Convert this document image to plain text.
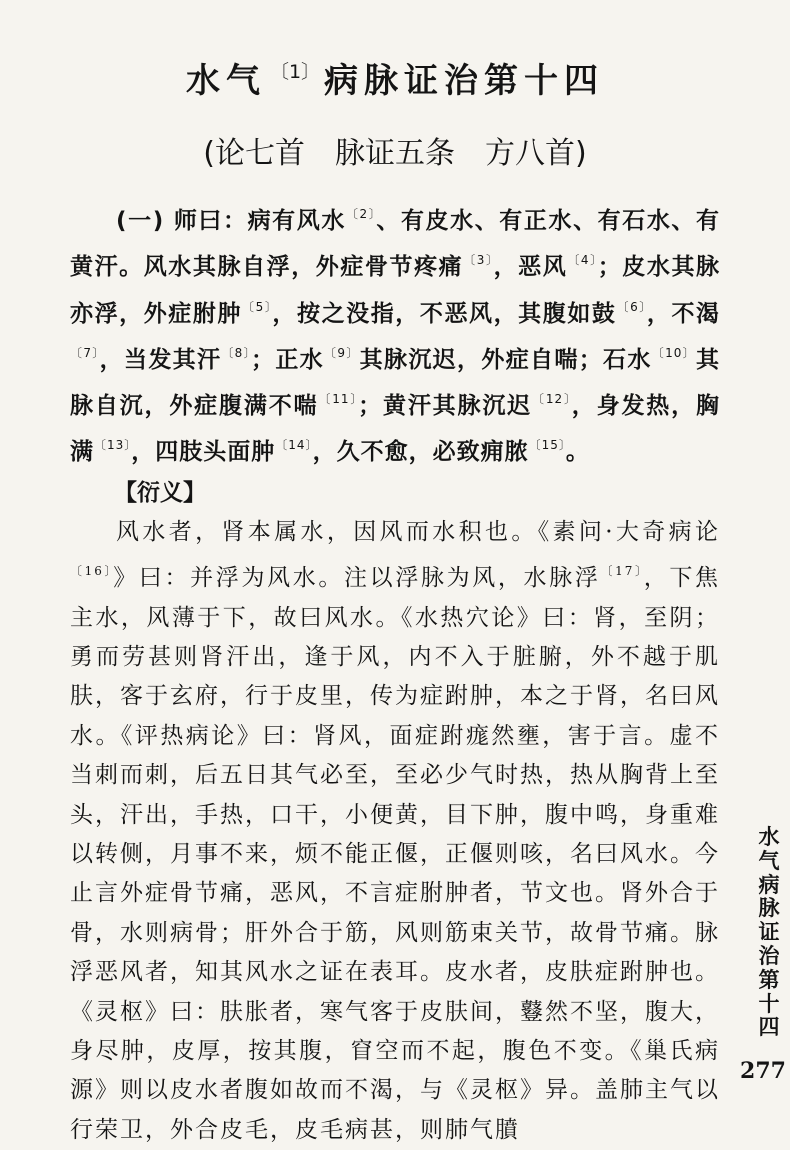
水气 $^{〔1〕}$ 病脉证治第十四
(论七首　脉证五条　方八首)

(一) 师曰：病有风水$^{〔2〕}$、有皮水、有正水、有石水、有黄汗。风水其脉自浮，外症骨节疼痛$^{〔3〕}$，恶风$^{〔4〕}$；皮水其脉亦浮，外症胕肿$^{〔5〕}$，按之没指，不恶风，其腹如鼓$^{〔6〕}$，不渴$^{〔7〕}$，当发其汗$^{〔8〕}$；正水$^{〔9〕}$其脉沉迟，外症自喘；石水$^{〔10〕}$其脉自沉，外症腹满不喘$^{〔11〕}$；黄汗其脉沉迟$^{〔12〕}$，身发热，胸满$^{〔13〕}$，四肢头面肿$^{〔14〕}$，久不愈，必致痈脓$^{〔15〕}$。

【衍义】

风水者，肾本属水，因风而水积也。《素问·大奇病论$^{〔16〕}$》曰：并浮为风水。注以浮脉为风，水脉浮$^{〔17〕}$，下焦主水，风薄于下，故曰风水。《水热穴论》曰：肾，至阴；勇而劳甚则肾汗出，逢于风，内不入于脏腑，外不越于肌肤，客于玄府，行于皮里，传为症跗肿，本之于肾，名曰风水。《评热病论》曰：肾风，面症跗痝然壅，害于言。虚不当刺而刺，后五日其气必至，至必少气时热，热从胸背上至头，汗出，手热，口干，小便黄，目下肿，腹中鸣，身重难以转侧，月事不来，烦不能正偃，正偃则咳，名曰风水。今止言外症骨节痛，恶风，不言症胕肿者，节文也。肾外合于骨，水则病骨；肝外合于筋，风则筋束关节，故骨节痛。脉浮恶风者，知其风水之证在表耳。皮水者，皮肤症跗肿也。《灵枢》曰：肤胀者，寒气客于皮肤间，鼟然不坚，腹大，身尽肿，皮厚，按其腹，窅空而不起，腹色不变。《巢氏病源》则以皮水者腹如故而不渴，与《灵枢》异。盖肺主气以行荣卫，外合皮毛，皮毛病甚，则肺气膹

水
气
病
脉
证
治
第
十
四
277
